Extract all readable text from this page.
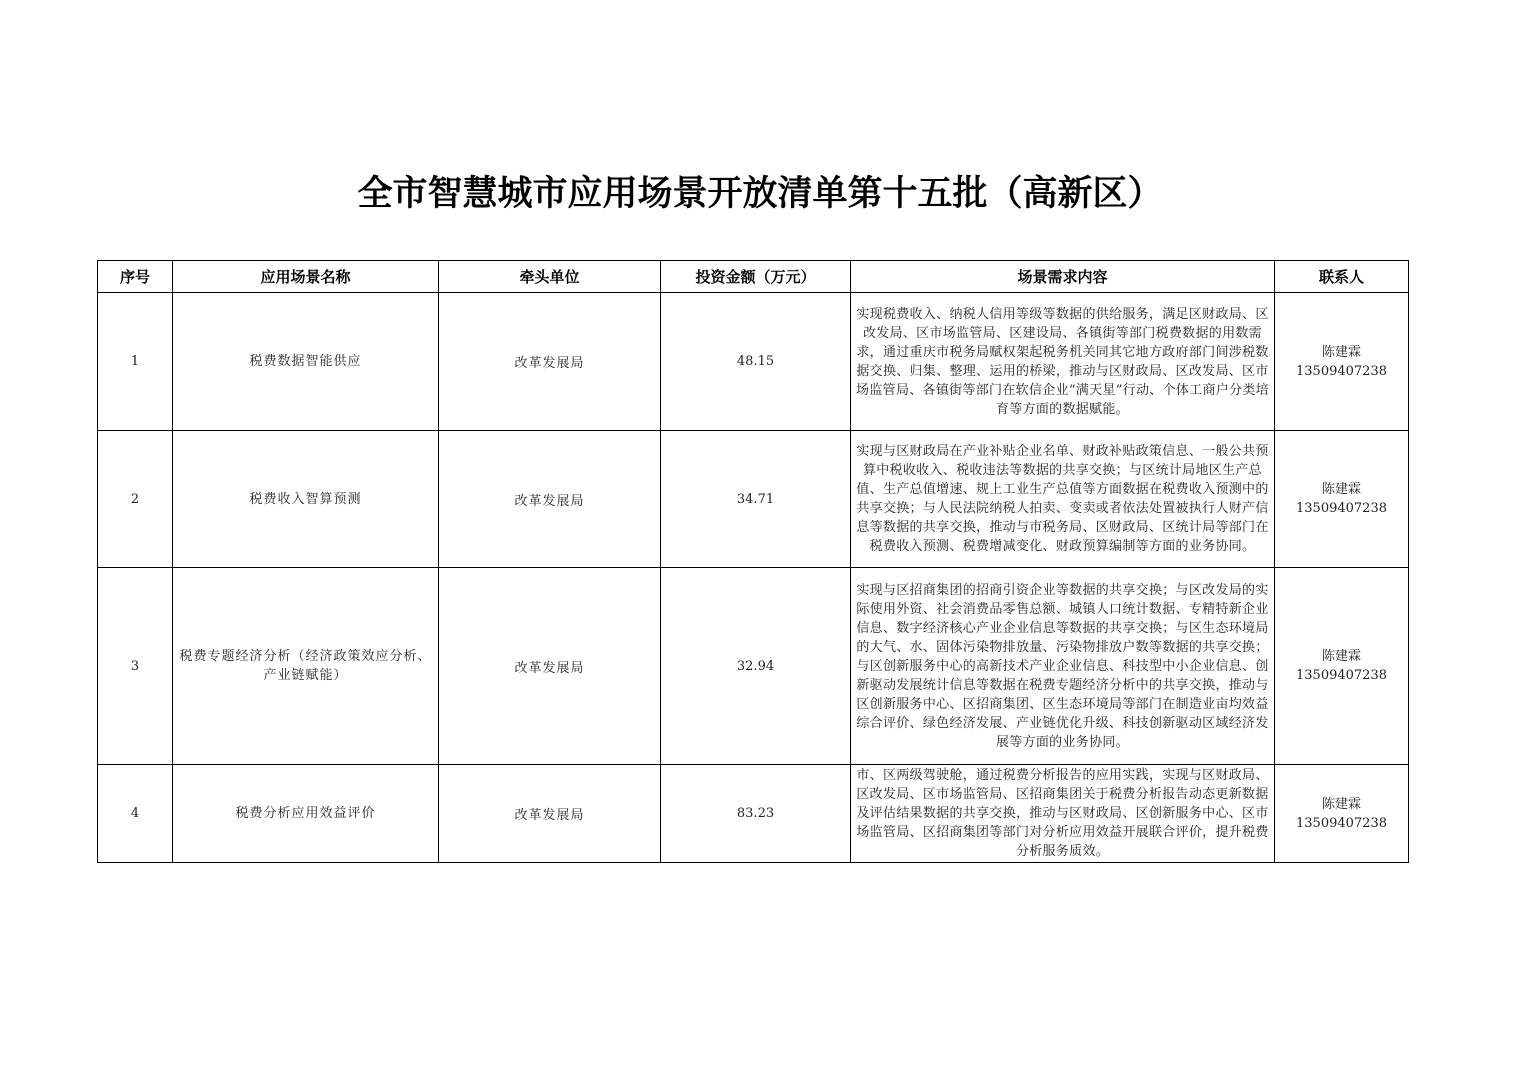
全市智慧城市应用场景开放清单第十五批（高新区）
序号	应用场景名称	牵头单位	投资金额（万元）	场景需求内容	联系人
1	税费数据智能供应	改革发展局	48.15	实现税费收入、纳税人信用等级等数据的供给服务，满足区财政局、区改发局、区市场监管局、区建设局、各镇街等部门税费数据的用数需求，通过重庆市税务局赋权架起税务机关同其它地方政府部门间涉税数据交换、归集、整理、运用的桥梁，推动与区财政局、区改发局、区市场监管局、各镇街等部门在软信企业“满天星”行动、个体工商户分类培育等方面的数据赋能。	陈建霖
13509407238

2	税费收入智算预测	改革发展局	34.71	实现与区财政局在产业补贴企业名单、财政补贴政策信息、一般公共预算中税收收入、税收违法等数据的共享交换；与区统计局地区生产总值、生产总值增速、规上工业生产总值等方面数据在税费收入预测中的共享交换；与人民法院纳税人拍卖、变卖或者依法处置被执行人财产信息等数据的共享交换，推动与市税务局、区财政局、区统计局等部门在税费收入预测、税费增减变化、财政预算编制等方面的业务协同。	陈建霖
13509407238

3	税费专题经济分析（经济政策效应分析、产业链赋能）	改革发展局	32.94	实现与区招商集团的招商引资企业等数据的共享交换；与区改发局的实际使用外资、社会消费品零售总额、城镇人口统计数据、专精特新企业信息、数字经济核心产业企业信息等数据的共享交换；与区生态环境局的大气、水、固体污染物排放量、污染物排放户数等数据的共享交换；与区创新服务中心的高新技术产业企业信息、科技型中小企业信息、创新驱动发展统计信息等数据在税费专题经济分析中的共享交换，推动与区创新服务中心、区招商集团、区生态环境局等部门在制造业亩均效益综合评价、绿色经济发展、产业链优化升级、科技创新驱动区域经济发展等方面的业务协同。	陈建霖
13509407238

4	税费分析应用效益评价	改革发展局	83.23	市、区两级驾驶舱，通过税费分析报告的应用实践，实现与区财政局、区改发局、区市场监管局、区招商集团关于税费分析报告动态更新数据及评估结果数据的共享交换，推动与区财政局、区创新服务中心、区市场监管局、区招商集团等部门对分析应用效益开展联合评价，提升税费分析服务质效。	陈建霖
13509407238
